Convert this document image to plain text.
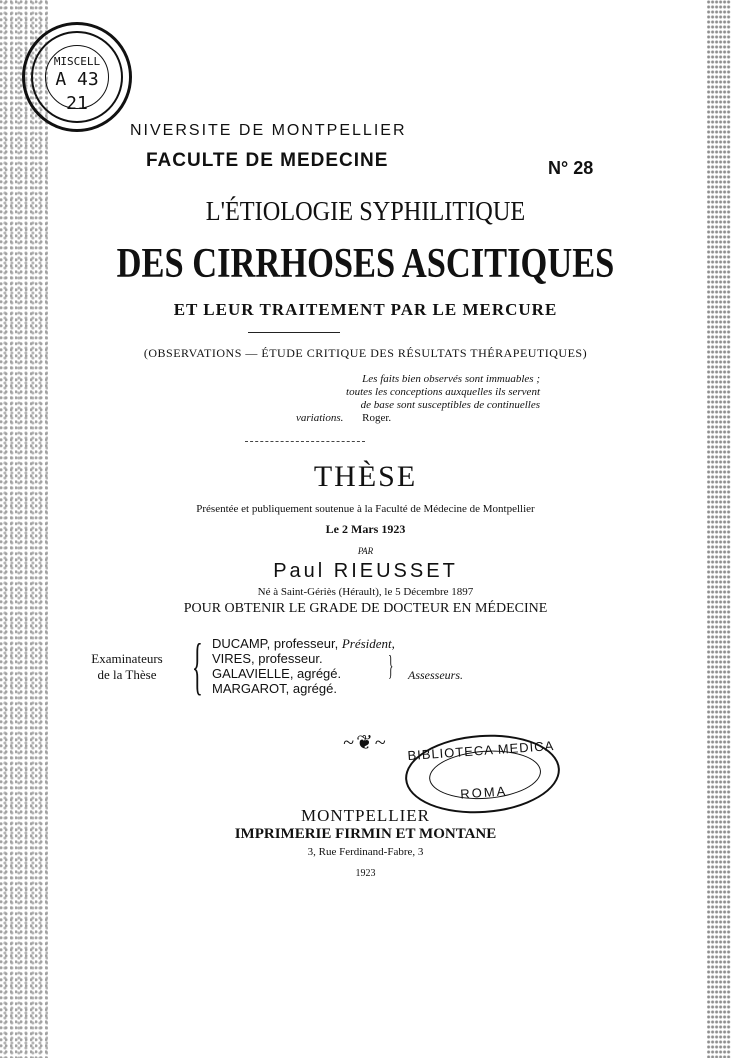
MISCELL
A 43
21
NIVERSITE DE MONTPELLIER
FACULTE DE MEDECINE	N° 28
L'ÉTIOLOGIE SYPHILITIQUE
DES CIRRHOSES ASCITIQUES
ET LEUR TRAITEMENT PAR LE MERCURE
(OBSERVATIONS — ÉTUDE CRITIQUE DES RÉSULTATS THÉRAPEUTIQUES)
Les faits bien observés sont immuables ;
toutes les conceptions auxquelles ils servent
de base sont susceptibles de continuelles
variations. Roger.
THÈSE
Présentée et publiquement soutenue à la Faculté de Médecine de Montpellier
Le 2 Mars 1923
PAR
Paul RIEUSSET
Né à Saint-Gériès (Hérault), le 5 Décembre 1897
POUR OBTENIR LE GRADE DE DOCTEUR EN MÉDECINE
Examinateurs
de la Thèse { DUCAMP, professeur, Président,
VIRES, professeur.
GALAVIELLE, agrégé.
MARGAROT, agrégé.
} Assesseurs.
~❦~	BIBLIOTECA MEDICA
ROMA
MONTPELLIER
IMPRIMERIE FIRMIN ET MONTANE
3, Rue Ferdinand-Fabre, 3
1923
